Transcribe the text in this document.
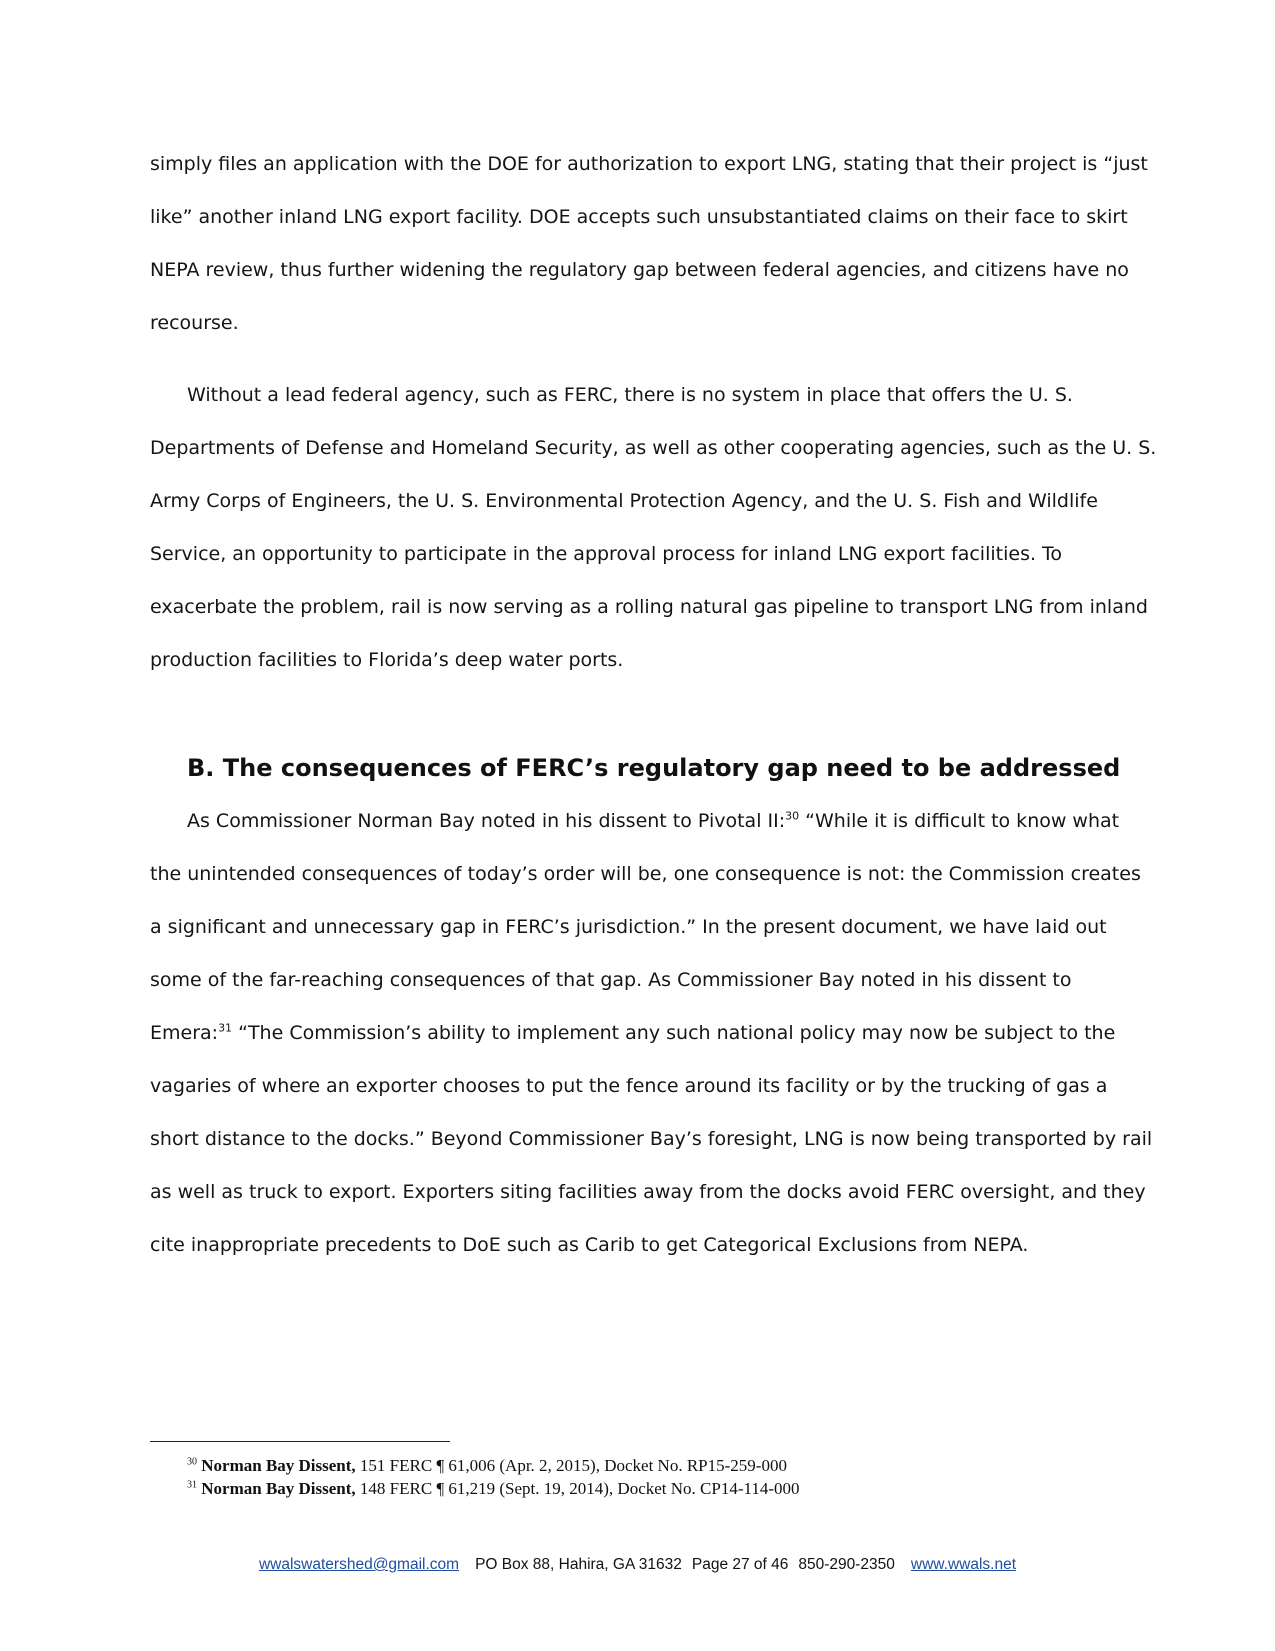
simply files an application with the DOE for authorization to export LNG, stating that their project is “just
like” another inland LNG export facility. DOE accepts such unsubstantiated claims on their face to skirt
NEPA review, thus further widening the regulatory gap between federal agencies, and citizens have no
recourse.
Without a lead federal agency, such as FERC, there is no system in place that offers the U. S.
Departments of Defense and Homeland Security, as well as other cooperating agencies, such as the U. S.
Army Corps of Engineers, the U. S. Environmental Protection Agency, and the U. S. Fish and Wildlife
Service, an opportunity to participate in the approval process for inland LNG export facilities. To
exacerbate the problem, rail is now serving as a rolling natural gas pipeline to transport LNG from inland
production facilities to Florida’s deep water ports.
B. The consequences of FERC’s regulatory gap need to be addressed
As Commissioner Norman Bay noted in his dissent to Pivotal II:$^{30}$ “While it is difficult to know what
the unintended consequences of today’s order will be, one consequence is not: the Commission creates
a significant and unnecessary gap in FERC’s jurisdiction.” In the present document, we have laid out
some of the far-reaching consequences of that gap. As Commissioner Bay noted in his dissent to
Emera:$^{31}$ “The Commission’s ability to implement any such national policy may now be subject to the
vagaries of where an exporter chooses to put the fence around its facility or by the trucking of gas a
short distance to the docks.” Beyond Commissioner Bay’s foresight, LNG is now being transported by rail
as well as truck to export. Exporters siting facilities away from the docks avoid FERC oversight, and they
cite inappropriate precedents to DoE such as Carib to get Categorical Exclusions from NEPA.
$^{30}$ Norman Bay Dissent, 151 FERC ¶ 61,006 (Apr. 2, 2015), Docket No. RP15-259-000
$^{31}$ Norman Bay Dissent, 148 FERC ¶ 61,219 (Sept. 19, 2014), Docket No. CP14-114-000
wwalswatershed@gmail.com PO Box 88, Hahira, GA 31632 Page 27 of 46 850-290-2350 www.wwals.net
